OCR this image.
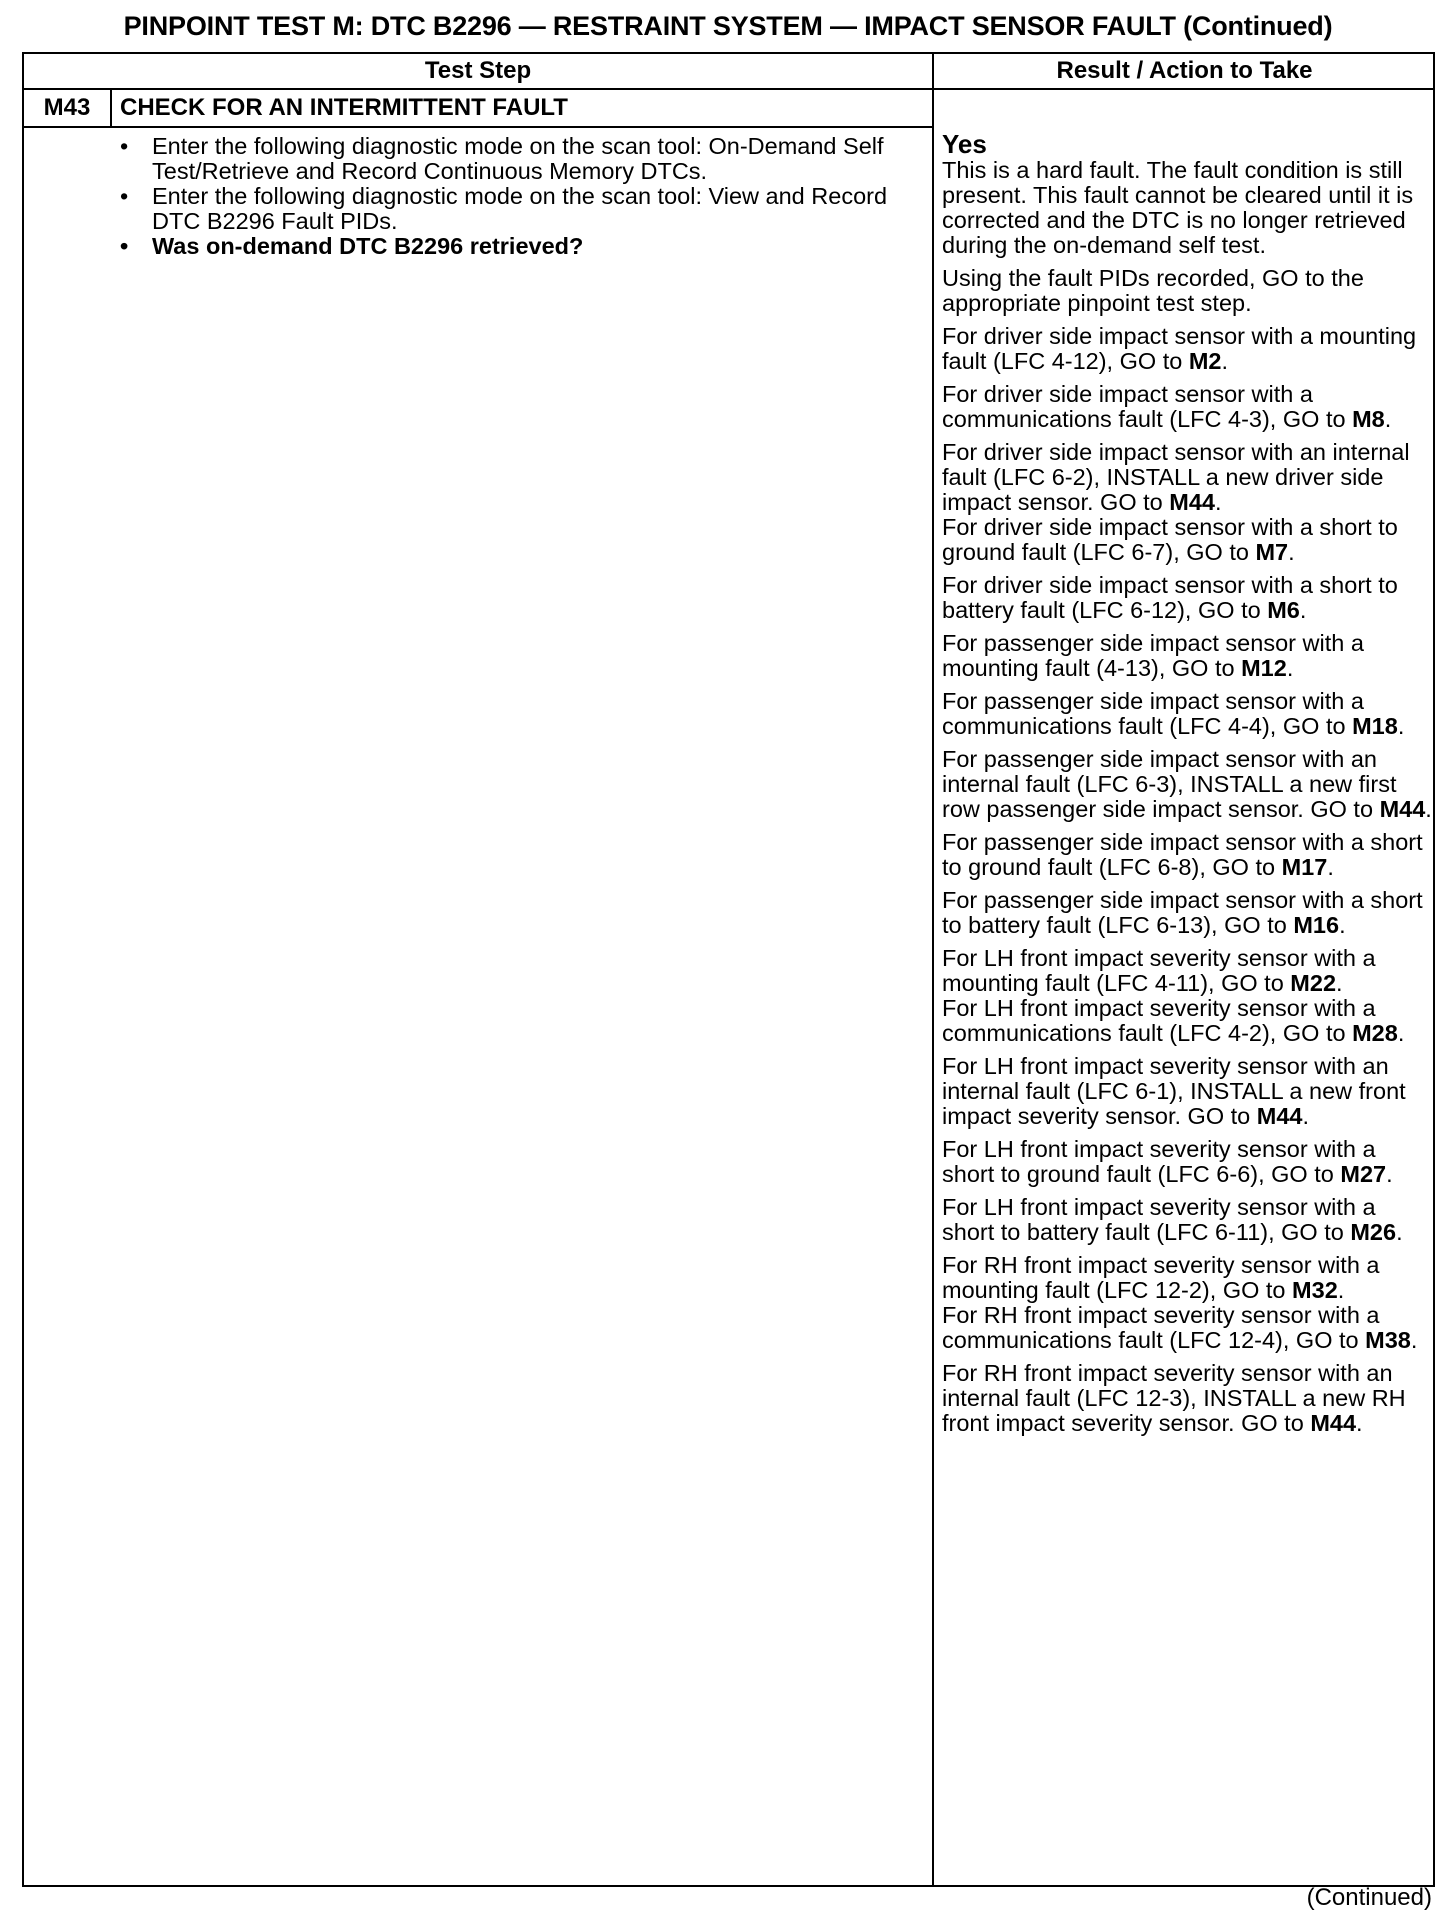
PINPOINT TEST M: DTC B2296 — RESTRAINT SYSTEM — IMPACT SENSOR FAULT (Continued)
Test Step	Result / Action to Take
M43	CHECK FOR AN INTERMITTENT FAULT
• Enter the following diagnostic mode on the scan tool: On-Demand Self Test/Retrieve and Record Continuous Memory DTCs.
• Enter the following diagnostic mode on the scan tool: View and Record DTC B2296 Fault PIDs.
• Was on-demand DTC B2296 retrieved?
Yes

This is a hard fault. The fault condition is still present. This fault cannot be cleared until it is corrected and the DTC is no longer retrieved during the on-demand self test.

Using the fault PIDs recorded, GO to the appropriate pinpoint test step.

For driver side impact sensor with a mounting fault (LFC 4-12), GO to M2.

For driver side impact sensor with a communications fault (LFC 4-3), GO to M8.

For driver side impact sensor with an internal fault (LFC 6-2), INSTALL a new driver side impact sensor. GO to M44.

For driver side impact sensor with a short to ground fault (LFC 6-7), GO to M7.

For driver side impact sensor with a short to battery fault (LFC 6-12), GO to M6.

For passenger side impact sensor with a mounting fault (4-13), GO to M12.

For passenger side impact sensor with a communications fault (LFC 4-4), GO to M18.

For passenger side impact sensor with an internal fault (LFC 6-3), INSTALL a new first row passenger side impact sensor. GO to M44.

For passenger side impact sensor with a short to ground fault (LFC 6-8), GO to M17.

For passenger side impact sensor with a short to battery fault (LFC 6-13), GO to M16.

For LH front impact severity sensor with a mounting fault (LFC 4-11), GO to M22.

For LH front impact severity sensor with a communications fault (LFC 4-2), GO to M28.

For LH front impact severity sensor with an internal fault (LFC 6-1), INSTALL a new front impact severity sensor. GO to M44.

For LH front impact severity sensor with a short to ground fault (LFC 6-6), GO to M27.

For LH front impact severity sensor with a short to battery fault (LFC 6-11), GO to M26.

For RH front impact severity sensor with a mounting fault (LFC 12-2), GO to M32.

For RH front impact severity sensor with a communications fault (LFC 12-4), GO to M38.

For RH front impact severity sensor with an internal fault (LFC 12-3), INSTALL a new RH front impact severity sensor. GO to M44.

(Continued)
